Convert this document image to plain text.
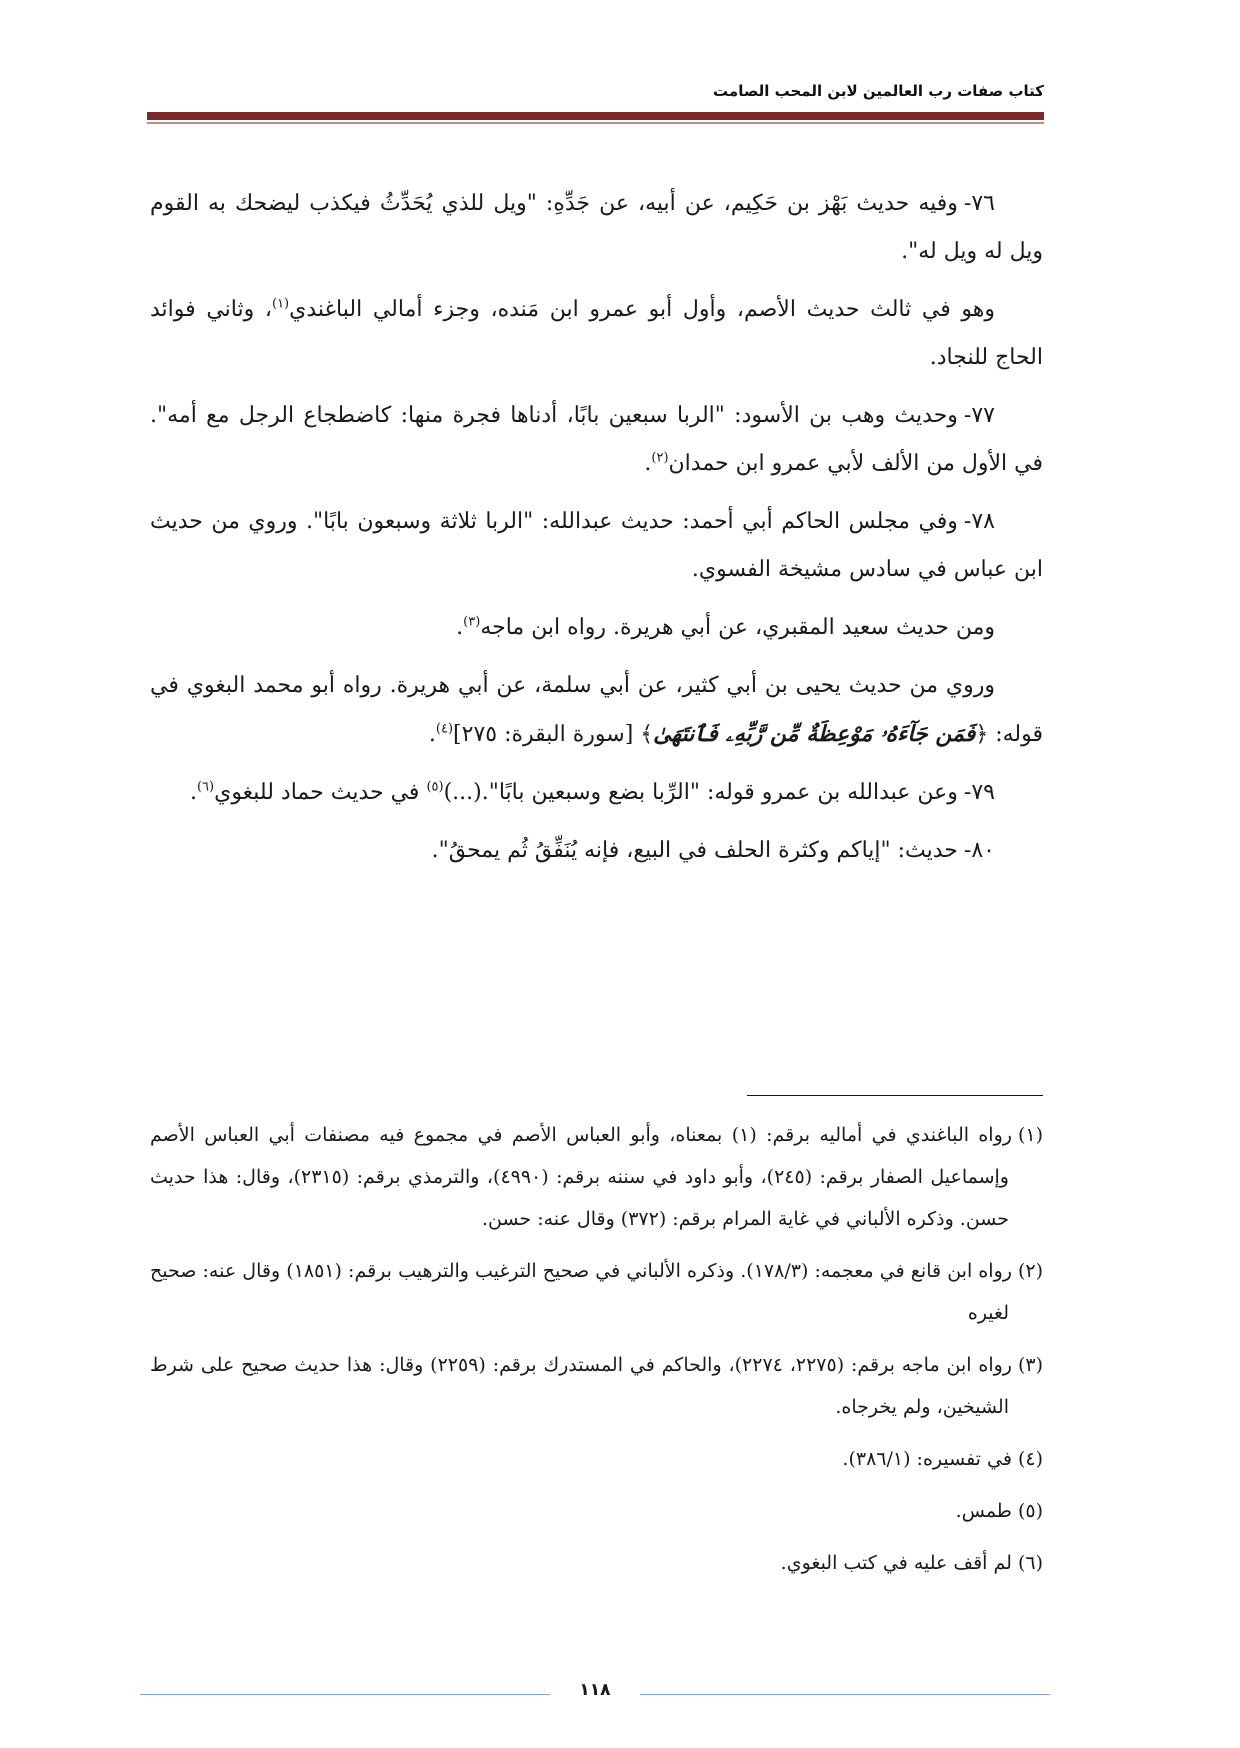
كتاب صفات رب العالمين لابن المحب الصامت

٧٦-وفيه حديث بَهْز بن حَكِيم، عن أبيه، عن جَدِّهِ: "ويل للذي يُحَدِّثُ فيكذب ليضحك به القوم ويل له ويل له".

وهو في ثالث حديث الأصم، وأول أبو عمرو ابن مَنده، وجزء أمالي الباغندي$^{(١)}$، وثاني فوائد الحاج للنجاد.

٧٧-وحديث وهب بن الأسود: "الربا سبعين بابًا، أدناها فجرة منها: كاضطجاع الرجل مع أمه". في الأول من الألف لأبي عمرو ابن حمدان$^{(٢)}$.

٧٨-وفي مجلس الحاكم أبي أحمد: حديث عبدالله: "الربا ثلاثة وسبعون بابًا". وروي من حديث ابن عباس في سادس مشيخة الفسوي.

ومن حديث سعيد المقبري، عن أبي هريرة. رواه ابن ماجه$^{(٣)}$.

وروي من حديث يحيى بن أبي كثير، عن أبي سلمة، عن أبي هريرة. رواه أبو محمد البغوي في قوله: ﴿فَمَن جَآءَهُۥ مَوْعِظَةٌ مِّن رَّبِّهِۦ فَٱنتَهَىٰ﴾ [سورة البقرة: ٢٧٥]$^{(٤)}$.

٧٩-وعن عبدالله بن عمرو قوله: "الرِّبا بضع وسبعين بابًا".(...)$^{(٥)}$ في حديث حماد للبغوي$^{(٦)}$.

٨٠-حديث: "إياكم وكثرة الحلف في البيع، فإنه يُنَفِّقُ ثُم يمحقُ".

(١)رواه الباغندي في أماليه برقم: (١) بمعناه، وأبو العباس الأصم في مجموع فيه مصنفات أبي العباس الأصم وإسماعيل الصفار برقم: (٢٤٥)، وأبو داود في سننه برقم: (٤٩٩٠)، والترمذي برقم: (٢٣١٥)، وقال: هذا حديث حسن. وذكره الألباني في غاية المرام برقم: (٣٧٢) وقال عنه: حسن.
(٢)رواه ابن قانع في معجمه: (١٧٨/٣). وذكره الألباني في صحيح الترغيب والترهيب برقم: (١٨٥١) وقال عنه: صحيح لغيره
(٣)رواه ابن ماجه برقم: (٢٢٧٥، ٢٢٧٤)، والحاكم في المستدرك برقم: (٢٢٥٩) وقال: هذا حديث صحيح على شرط الشيخين، ولم يخرجاه.
(٤)في تفسيره: (٣٨٦/١).
(٥)طمس.
(٦)لم أقف عليه في كتب البغوي.
١١٨
